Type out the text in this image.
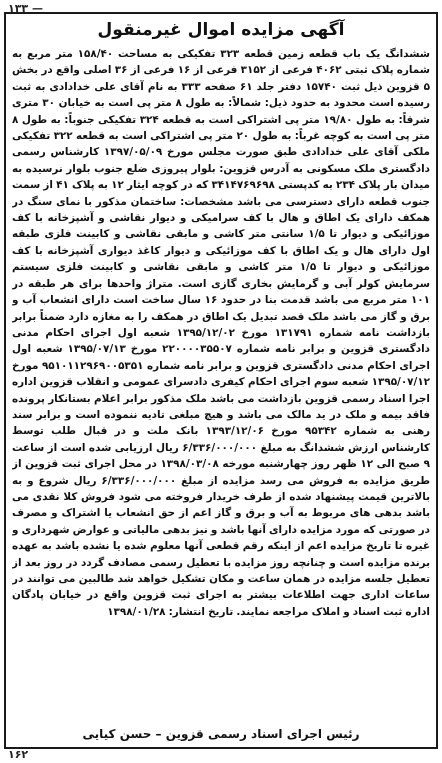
۱۳۳ —
آگهی مزایده اموال غیرمنقول

ششدانگ یک باب قطعه زمین قطعه ۳۲۳ تفکیکی به مساحت ۱۵۸/۴۰ متر مربع به شماره پلاک ثبتی ۴۰۶۲ فرعی از ۳۱۵۲ فرعی از ۱۶ فرعی از ۳۶ اصلی واقع در بخش ۵ قزوین ذیل ثبت ۱۵۷۴۰ دفتر جلد ۶۱ صفحه ۳۳۳ به نام آقای علی خدادادی به ثبت رسیده است محدود به حدود ذیل: شمالاً: به طول ۸ متر پی است به خیابان ۳۰ متری شرقاً: به طول ۱۹/۸۰ متر پی اشتراکی است به قطعه ۳۲۴ تفکیکی جنوباً: به طول ۸ متر پی است به کوچه غرباً: به طول ۲۰ متر پی اشتراکی است به قطعه ۳۲۲ تفکیکی ملکی آقای علی خدادادی طبق صورت مجلس مورخ ۱۳۹۷/۰۵/۰۹ کارشناس رسمی دادگستری ملک مسکونی به آدرس قزوین: بلوار پیروزی ضلع جنوب بلوار نرسیده به میدان بار پلاک ۲۳۴ به کدپستی ۳۴۱۴۷۶۹۶۹۸ که در کوچه ایثار ۱۲ به پلاک ۴۱ از سمت جنوب قطعه دارای دسترسی می باشد مشخصات: ساختمان مذکور با نمای سنگ در همکف دارای یک اطاق و هال با کف سرامیکی و دیوار نقاشی و آشپزخانه با کف موزائیکی و دیوار تا ۱/۵ سانتی متر کاشی و مابقی نقاشی و کابینت فلزی طبقه اول دارای هال و یک اطاق با کف موزائیکی و دیوار کاغذ دیواری آشپزخانه با کف موزائیکی و دیوار تا ۱/۵ متر کاشی و مابقی نقاشی و کابینت فلزی سیستم سرمایش کولر آبی و گرمایش بخاری گازی است. متراژ واحدها برای هر طبقه در ۱۰۱ متر مربع می باشد قدمت بنا در حدود ۱۶ سال ساخت است دارای انشعاب آب و برق و گاز می باشد ملک قصد تبدیل یک اطاق در همکف را به مغازه دارد ضمناً برابر بازداشت نامه شماره ۱۳۱۷۹۱ مورخ ۱۳۹۵/۱۲/۰۲ شعبه اول اجرای احکام مدنی دادگستری قزوین و برابر نامه شماره ۲۲۰۰۰۰۳۵۵۰۷ مورخ ۱۳۹۵/۰۷/۱۳ شعبه اول اجرای احکام مدنی دادگستری قزوین و برابر نامه شماره ۹۵۱۰۱۱۲۹۶۹۰۰۵۳۵۱ مورخ ۱۳۹۵/۰۷/۱۲ شعبه سوم اجرای احکام کیفری دادسرای عمومی و انقلاب قزوین اداره اجرا اسناد رسمی قزوین بازداشت می باشد ملک مذکور برابر اعلام بستانکار پرونده فاقد بیمه و ملک در ید مالک می باشد و هیچ مبلغی تادیه ننموده است و برابر سند رهنی به شماره ۹۵۳۴۲ مورخ ۱۳۹۳/۱۲/۰۶ بانک ملت و در قبال طلب توسط کارشناس ارزش ششدانگ به مبلغ ۶/۳۳۶/۰۰۰/۰۰۰ ریال ارزیابی شده است از ساعت ۹ صبح الی ۱۲ ظهر روز چهارشنبه مورخه ۱۳۹۸/۰۳/۰۸ در محل اجرای ثبت قزوین از طریق مزایده به فروش می رسد مزایده از مبلغ ۶/۳۳۶/۰۰۰/۰۰۰ ریال شروع و به بالاترین قیمت پیشنهاد شده از طرف خریدار فروخته می شود فروش کلا نقدی می باشد بدهی های مربوط به آب و برق و گاز اعم از حق انشعاب یا اشتراک و مصرف در صورتی که مورد مزایده دارای آنها باشد و نیز بدهی مالیاتی و عوارض شهرداری و غیره تا تاریخ مزایده اعم از اینکه رقم قطعی آنها معلوم شده یا نشده باشد به عهده برنده مزایده است و چنانچه روز مزایده با تعطیل رسمی مصادف گردد در روز بعد از تعطیل جلسه مزایده در همان ساعت و مکان تشکیل خواهد شد طالبین می توانند در ساعات اداری جهت اطلاعات بیشتر به اجرای ثبت قزوین واقع در خیابان پادگان اداره ثبت اسناد و املاک مراجعه نمایند. تاریخ انتشار: ۱۳۹۸/۰۱/۲۸

رئیس اجرای اسناد رسمی قزوین – حسن کیایی
۱۶۲
